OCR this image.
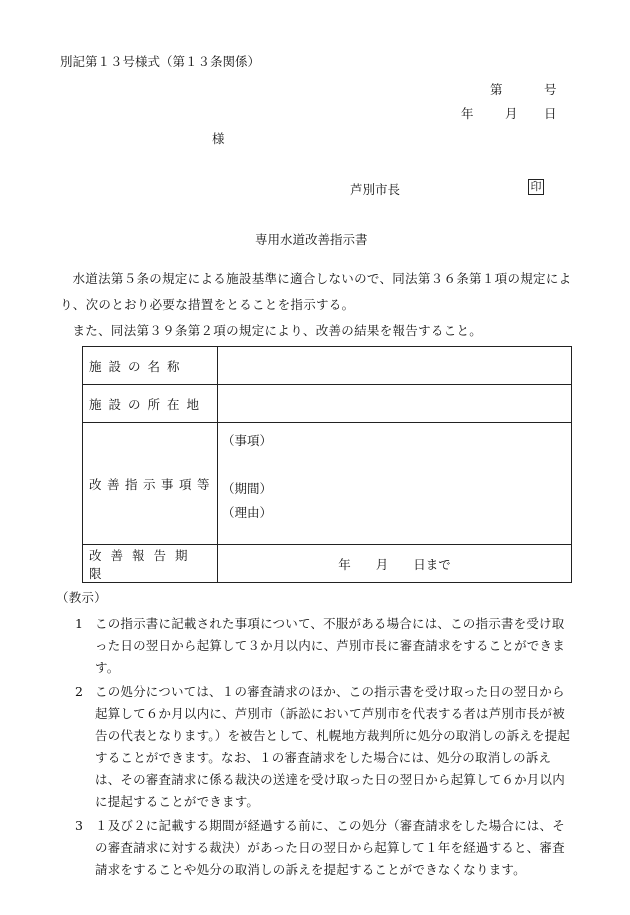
別記第１３号様式（第１３条関係）
第	号
年	月 日
様
芦別市長	印
専用水道改善指示書

水道法第５条の規定による施設基準に適合しないので、同法第３６条第１項の規定により、次のとおり必要な措置をとることを指示する。

また、同法第３９条第２項の規定により、改善の結果を報告すること。

施設の名称	
施設の所在地	
改善指示事項等	（事項）
（期間）
（理由）

改善報告期限	年　　月　　日まで
（教示）
1 この指示書に記載された事項について、不服がある場合には、この指示書を受け取った日の翌日から起算して３か月以内に、芦別市長に審査請求をすることができます。
2 この処分については、１の審査請求のほか、この指示書を受け取った日の翌日から起算して６か月以内に、芦別市（訴訟において芦別市を代表する者は芦別市長が被告の代表となります。）を被告として、札幌地方裁判所に処分の取消しの訴えを提起することができます。なお、１の審査請求をした場合には、処分の取消しの訴えは、その審査請求に係る裁決の送達を受け取った日の翌日から起算して６か月以内に提起することができます。
3 １及び２に記載する期間が経過する前に、この処分（審査請求をした場合には、その審査請求に対する裁決）があった日の翌日から起算して１年を経過すると、審査請求をすることや処分の取消しの訴えを提起することができなくなります。
